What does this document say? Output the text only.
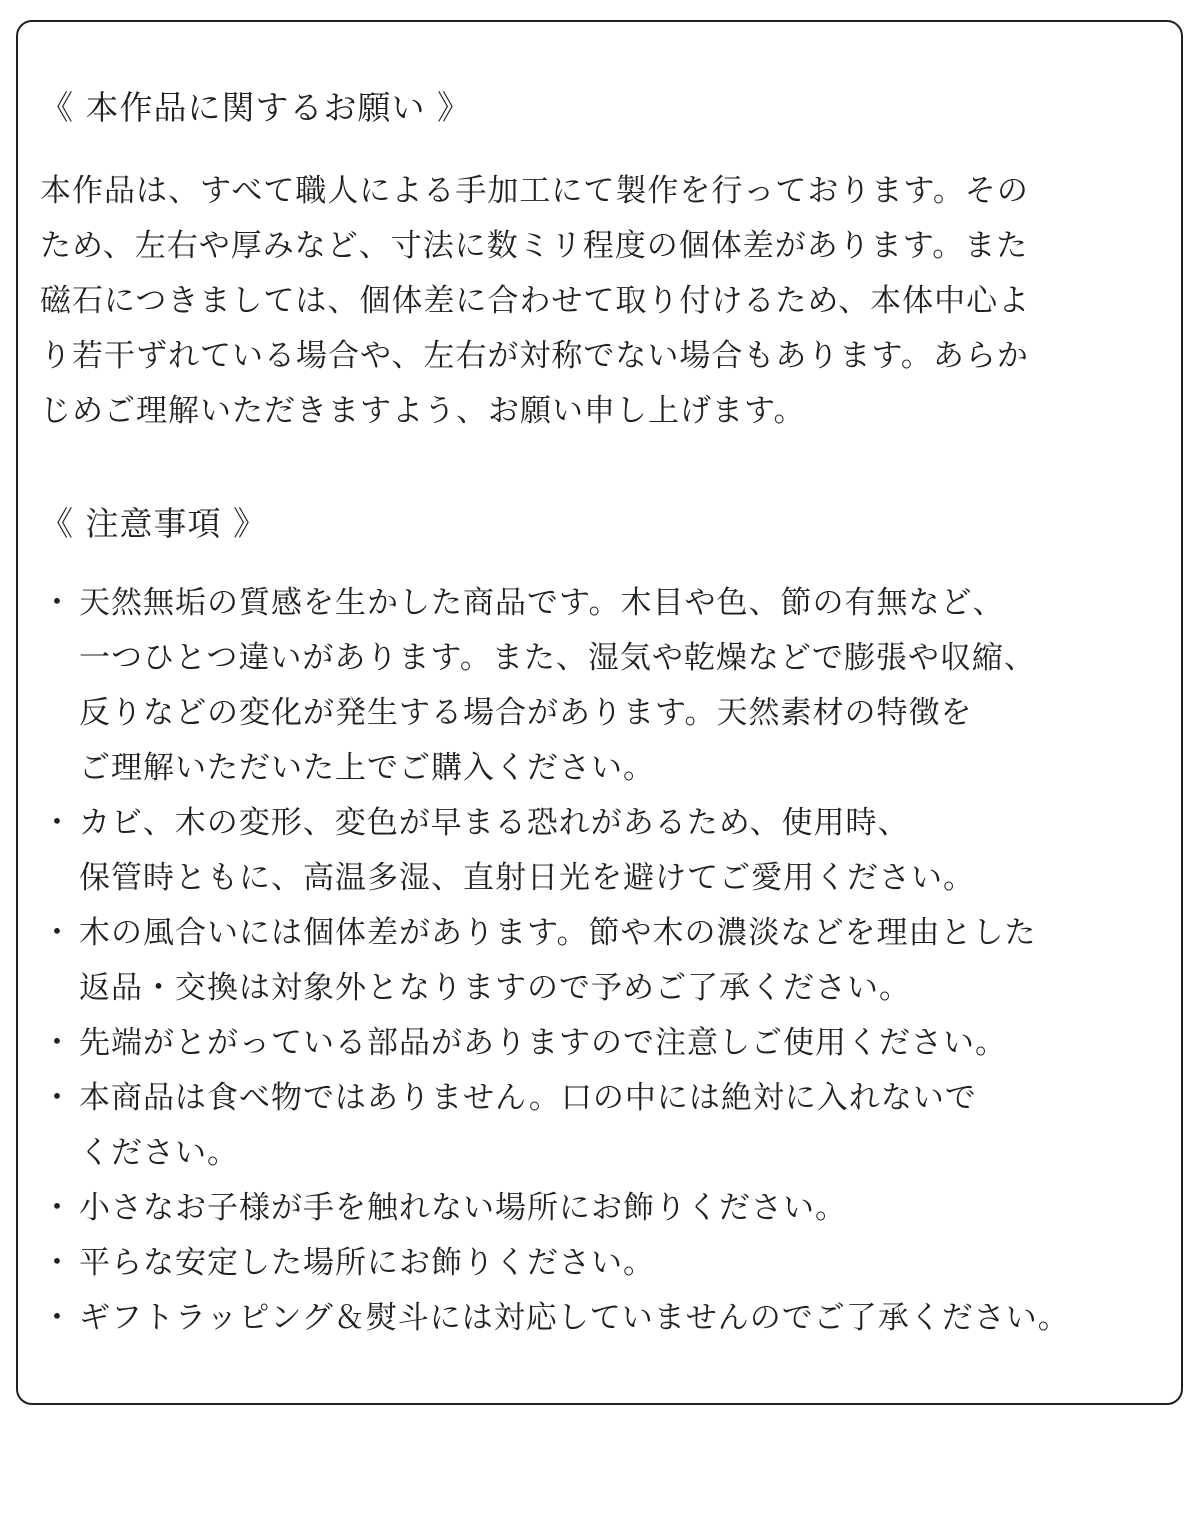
《 本作品に関するお願い 》
本作品は、すべて職人による手加工にて製作を行っております。その
ため、左右や厚みなど、寸法に数ミリ程度の個体差があります。また
磁石につきましては、個体差に合わせて取り付けるため、本体中心よ
り若干ずれている場合や、左右が対称でない場合もあります。あらか
じめご理解いただきますよう、お願い申し上げます。
《 注意事項 》
・ 天然無垢の質感を生かした商品です。木目や色、節の有無など、
一つひとつ違いがあります。また、湿気や乾燥などで膨張や収縮、
反りなどの変化が発生する場合があります。天然素材の特徴を
ご理解いただいた上でご購入ください。
・ カビ、木の変形、変色が早まる恐れがあるため、使用時、
保管時ともに、高温多湿、直射日光を避けてご愛用ください。
・ 木の風合いには個体差があります。節や木の濃淡などを理由とした
返品・交換は対象外となりますので予めご了承ください。
・ 先端がとがっている部品がありますので注意しご使用ください。
・ 本商品は食べ物ではありません。口の中には絶対に入れないで
ください。
・ 小さなお子様が手を触れない場所にお飾りください。
・ 平らな安定した場所にお飾りください。
・ ギフトラッピング＆熨斗には対応していませんのでご了承ください。
